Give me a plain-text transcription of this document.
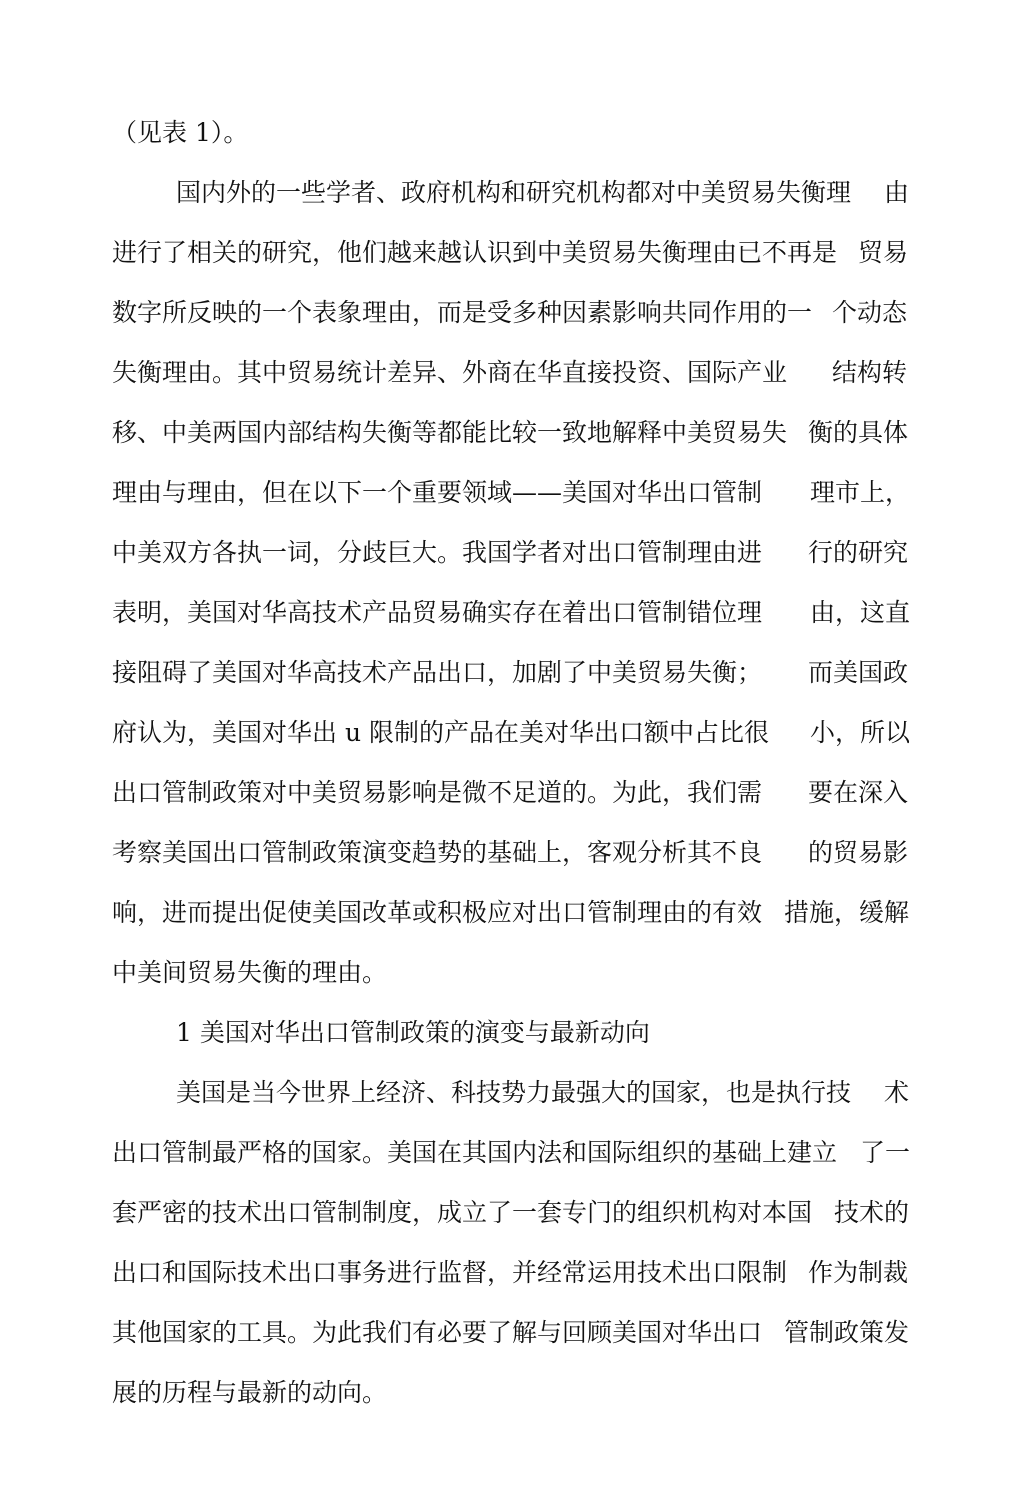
（见表 1）。
国内外的一些学者、政府机构和研究机构都对中美贸易失衡理 由
进行了相关的研究，他们越来越认识到中美贸易失衡理由已不再是 贸易
数字所反映的一个表象理由，而是受多种因素影响共同作用的一 个动态
失衡理由。其中贸易统计差异、外商在华直接投资、国际产业 结构转
移、中美两国内部结构失衡等都能比较一致地解释中美贸易失 衡的具体
理由与理由，但在以下一个重要领域——美国对华出口管制 理市上，
中美双方各执一词，分歧巨大。我国学者对出口管制理由进 行的研究
表明，美国对华高技术产品贸易确实存在着出口管制错位理 由，这直
接阻碍了美国对华高技术产品出口，加剧了中美贸易失衡； 而美国政
府认为，美国对华出 u 限制的产品在美对华出口额中占比很 小，所以
出口管制政策对中美贸易影响是微不足道的。为此，我们需 要在深入
考察美国出口管制政策演变趋势的基础上，客观分析其不良 的贸易影
响，进而提出促使美国改革或积极应对出口管制理由的有效 措施，缓解
中美间贸易失衡的理由。
1 美国对华出口管制政策的演变与最新动向
美国是当今世界上经济、科技势力最强大的国家，也是执行技 术
出口管制最严格的国家。美国在其国内法和国际组织的基础上建立 了一
套严密的技术出口管制制度，成立了一套专门的组织机构对本国 技术的
出口和国际技术出口事务进行监督，并经常运用技术出口限制 作为制裁
其他国家的工具。为此我们有必要了解与回顾美国对华出口 管制政策发
展的历程与最新的动向。
